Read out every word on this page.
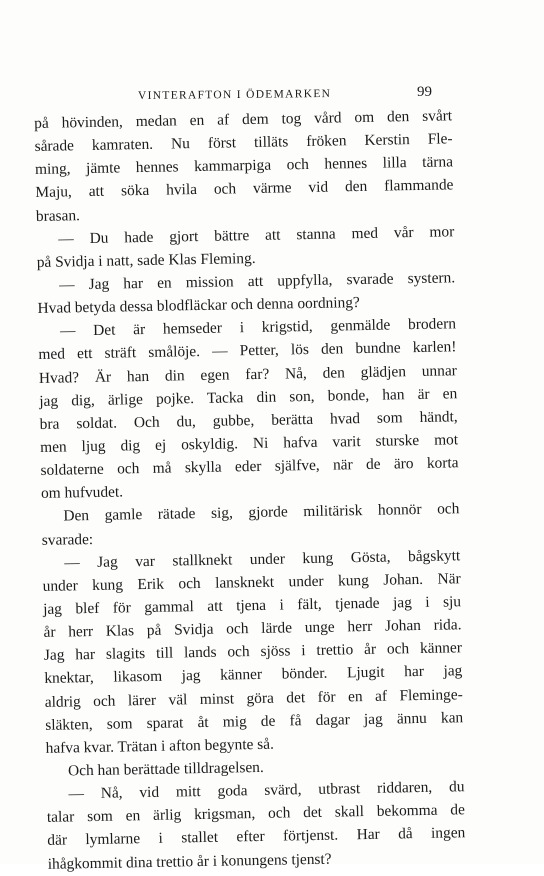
VINTERAFTON I ÖDEMARKEN	99
på hövinden, medan en af dem tog vård om den svårt
sårade kamraten. Nu först tilläts fröken Kerstin Fle-
ming, jämte hennes kammarpiga och hennes lilla tärna
Maju, att söka hvila och värme vid den flammande
brasan.
— Du hade gjort bättre att stanna med vår mor
på Svidja i natt, sade Klas Fleming.
— Jag har en mission att uppfylla, svarade systern.
Hvad betyda dessa blodfläckar och denna oordning?
— Det är hemseder i krigstid, genmälde brodern
med ett sträft smålöje. — Petter, lös den bundne karlen!
Hvad? Är han din egen far? Nå, den glädjen unnar
jag dig, ärlige pojke. Tacka din son, bonde, han är en
bra soldat. Och du, gubbe, berätta hvad som händt,
men ljug dig ej oskyldig. Ni hafva varit sturske mot
soldaterne och må skylla eder själfve, när de äro korta
om hufvudet.
Den gamle rätade sig, gjorde militärisk honnör och
svarade:
— Jag var stallknekt under kung Gösta, bågskytt
under kung Erik och lansknekt under kung Johan. När
jag blef för gammal att tjena i fält, tjenade jag i sju
år herr Klas på Svidja och lärde unge herr Johan rida.
Jag har slagits till lands och sjöss i trettio år och känner
knektar, likasom jag känner bönder. Ljugit har jag
aldrig och lärer väl minst göra det för en af Fleminge-
släkten, som sparat åt mig de få dagar jag ännu kan
hafva kvar. Trätan i afton begynte så.
Och han berättade tilldragelsen.
— Nå, vid mitt goda svärd, utbrast riddaren, du
talar som en ärlig krigsman, och det skall bekomma de
där lymlarne i stallet efter förtjenst. Har då ingen
ihågkommit dina trettio år i konungens tjenst?
